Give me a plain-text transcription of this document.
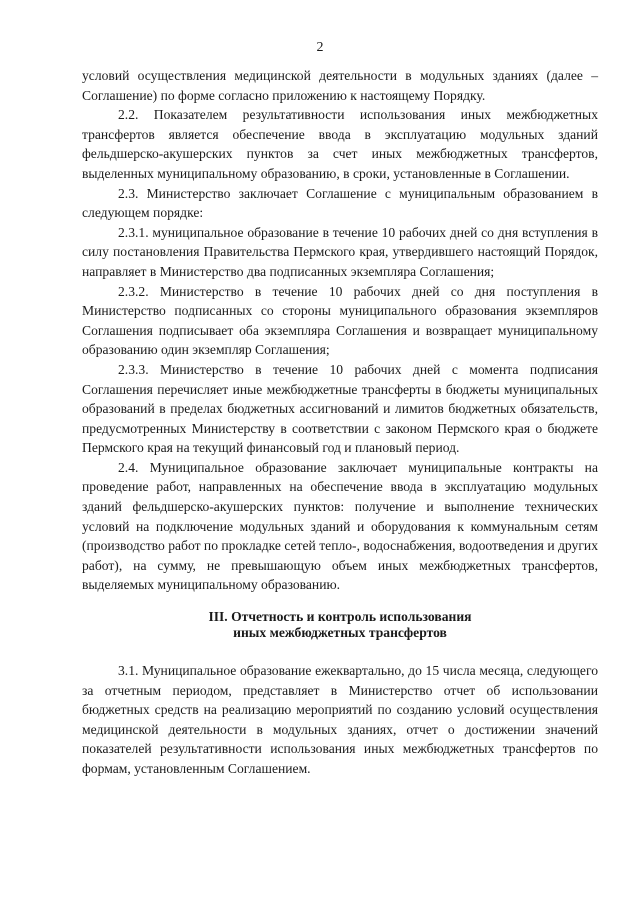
2

условий осуществления медицинской деятельности в модульных зданиях (далее – Соглашение) по форме согласно приложению к настоящему Порядку.

2.2. Показателем результативности использования иных межбюджетных трансфертов является обеспечение ввода в эксплуатацию модульных зданий фельдшерско-акушерских пунктов за счет иных межбюджетных трансфертов, выделенных муниципальному образованию, в сроки, установленные в Соглашении.

2.3. Министерство заключает Соглашение с муниципальным образованием в следующем порядке:

2.3.1. муниципальное образование в течение 10 рабочих дней со дня вступления в силу постановления Правительства Пермского края, утвердившего настоящий Порядок, направляет в Министерство два подписанных экземпляра Соглашения;

2.3.2. Министерство в течение 10 рабочих дней со дня поступления в Министерство подписанных со стороны муниципального образования экземпляров Соглашения подписывает оба экземпляра Соглашения и возвращает муниципальному образованию один экземпляр Соглашения;

2.3.3. Министерство в течение 10 рабочих дней с момента подписания Соглашения перечисляет иные межбюджетные трансферты в бюджеты муниципальных образований в пределах бюджетных ассигнований и лимитов бюджетных обязательств, предусмотренных Министерству в соответствии с законом Пермского края о бюджете Пермского края на текущий финансовый год и плановый период.

2.4. Муниципальное образование заключает муниципальные контракты на проведение работ, направленных на обеспечение ввода в эксплуатацию модульных зданий фельдшерско-акушерских пунктов: получение и выполнение технических условий на подключение модульных зданий и оборудования к коммунальным сетям (производство работ по прокладке сетей тепло-, водоснабжения, водоотведения и других работ), на сумму, не превышающую объем иных межбюджетных трансфертов, выделяемых муниципальному образованию.

III. Отчетность и контроль использования

иных межбюджетных трансфертов

3.1. Муниципальное образование ежеквартально, до 15 числа месяца, следующего за отчетным периодом, представляет в Министерство отчет об использовании бюджетных средств на реализацию мероприятий по созданию условий осуществления медицинской деятельности в модульных зданиях, отчет о достижении значений показателей результативности использования иных межбюджетных трансфертов по формам, установленным Соглашением.
